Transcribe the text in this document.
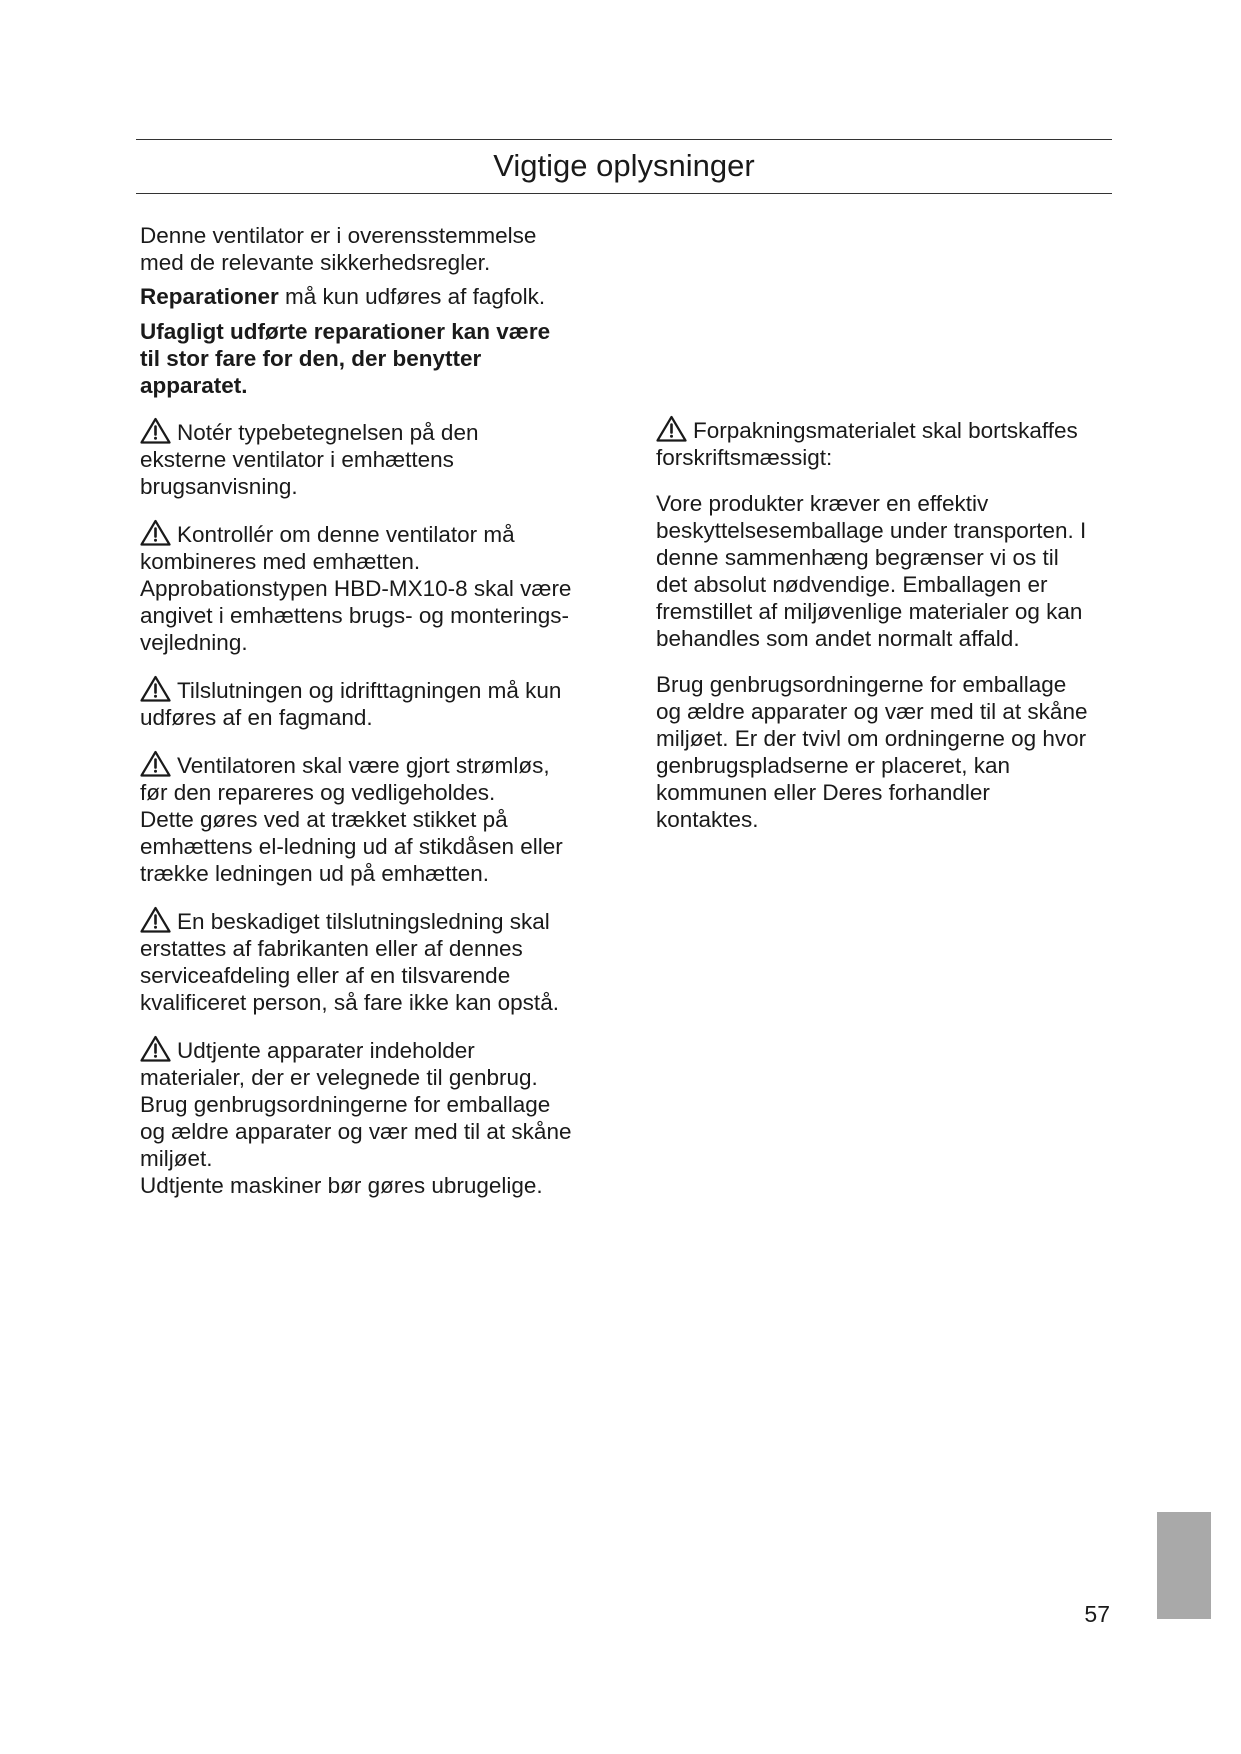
Vigtige oplysninger

Denne ventilator er i overensstemmelse
med de relevante sikkerhedsregler.

Reparationer må kun udføres af fagfolk.

Ufagligt udførte reparationer kan være
til stor fare for den, der benytter
apparatet.

Notér typebetegnelsen på den
eksterne ventilator i emhættens
brugsanvisning.

Kontrollér om denne ventilator må
kombineres med emhætten.
Approbationstypen HBD-MX10-8 skal være
angivet i emhættens brugs- og monterings-
vejledning.

Tilslutningen og idrifttagningen må kun
udføres af en fagmand.

Ventilatoren skal være gjort strømløs,
før den repareres og vedligeholdes.
Dette gøres ved at trækket stikket på
emhættens el-ledning ud af stikdåsen eller
trække ledningen ud på emhætten.

En beskadiget tilslutningsledning skal
erstattes af fabrikanten eller af dennes
serviceafdeling eller af en tilsvarende
kvalificeret person, så fare ikke kan opstå.

Udtjente apparater indeholder
materialer, der er velegnede til genbrug.
Brug genbrugsordningerne for emballage
og ældre apparater og vær med til at skåne
miljøet.
Udtjente maskiner bør gøres ubrugelige.

Forpakningsmaterialet skal bortskaffes
forskriftsmæssigt:

Vore produkter kræver en effektiv
beskyttelsesemballage under transporten. I
denne sammenhæng begrænser vi os til
det absolut nødvendige. Emballagen er
fremstillet af miljøvenlige materialer og kan
behandles som andet normalt affald.

Brug genbrugsordningerne for emballage
og ældre apparater og vær med til at skåne
miljøet. Er der tvivl om ordningerne og hvor
genbrugspladserne er placeret, kan
kommunen eller Deres forhandler
kontaktes.

57
